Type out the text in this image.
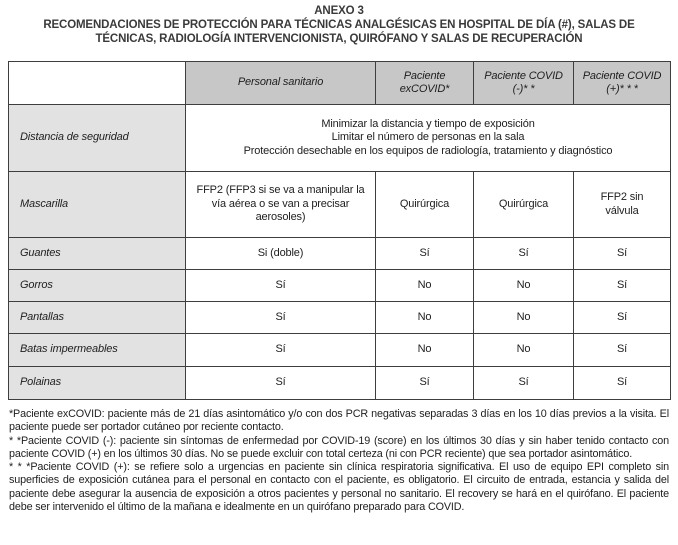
ANEXO 3
RECOMENDACIONES DE PROTECCIÓN PARA TÉCNICAS ANALGÉSICAS EN HOSPITAL DE DÍA (#), SALAS DE
TÉCNICAS, RADIOLOGÍA INTERVENCIONISTA, QUIRÓFANO Y SALAS DE RECUPERACIÓN
	Personal sanitario	Paciente exCOVID*	Paciente COVID (-)* *	Paciente COVID (+)* * *
Distancia de seguridad	Minimizar la distancia y tiempo de exposición
Limitar el número de personas en la sala
Protección desechable en los equipos de radiología, tratamiento y diagnóstico			

Mascarilla	FFP2 (FFP3 si se va a manipular la vía aérea o se van a precisar aerosoles)	Quirúrgica	Quirúrgica	FFP2 sin válvula
Guantes	Si (doble)	Sí	Sí	Sí
Gorros	Sí	No	No	Sí
Pantallas	Sí	No	No	Sí
Batas impermeables	Sí	No	No	Sí
Polainas	Sí	Sí	Sí	Sí

*Paciente exCOVID: paciente más de 21 días asintomático y/o con dos PCR negativas separadas 3 días en los 10 días previos a la visita. El paciente puede ser portador cutáneo por reciente contacto.

* *Paciente COVID (-): paciente sin síntomas de enfermedad por COVID-19 (score) en los últimos 30 días y sin haber tenido contacto con paciente COVID (+) en los últimos 30 días. No se puede excluir con total certeza (ni con PCR reciente) que sea portador asintomático.

* * *Paciente COVID (+): se refiere solo a urgencias en paciente sin clínica respiratoria significativa. El uso de equipo EPI completo sin superficies de exposición cutánea para el personal en contacto con el paciente, es obligatorio. El circuito de entrada, estancia y salida del paciente debe asegurar la ausencia de exposición a otros pacientes y personal no sanitario. El recovery se hará en el quirófano. El paciente debe ser intervenido el último de la mañana e idealmente en un quirófano preparado para COVID.
